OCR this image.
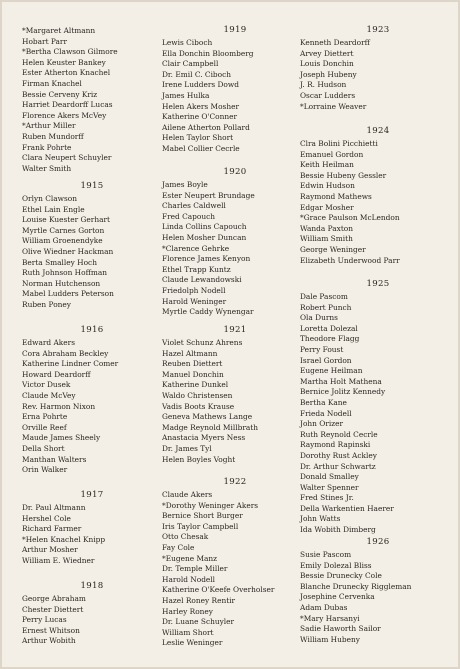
*Margaret Altmann
Hobart Parr
*Bertha Clawson Gilmore
Helen Keuster Bankey
Ester Atherton Knachel
Firman Knachel
Bessie Cerveny Kriz
Harriet Deardorff Lucas
Florence Akers McVey
*Arthur Miller
Ruben Mundorff
Frank Pohrte
Clara Neupert Schuyler
Walter Smith
1915
Orlyn Clawson
Ethel Lain Engle
Louise Kuester Gerhart
Myrtle Carnes Gorton
William Groenendyke
Olive Wiedner Hackman
Berta Smalley Hoch
Ruth Johnson Hoffman
Norman Hutchenson
Mabel Ludders Peterson
Ruben Poney
1916
Edward Akers
Cora Abraham Beckley
Katherine Lindner Comer
Howard Deardorff
Victor Dusek
Claude McVey
Rev. Harmon Nixon
Erna Pohrte
Orville Reef
Maude James Sheely
Della Short
Manthan Walters
Orin Walker
1917
Dr. Paul Altmann
Hershel Cole
Richard Farmer
*Helen Knachel Knipp
Arthur Mosher
William E. Wiedner
1918
George Abraham
Chester Diettert
Perry Lucas
Ernest Whitson
Arthur Wobith
1919
Lewis Ciboch
Ella Donchin Bloomberg
Clair Campbell
Dr. Emil C. Ciboch
Irene Ludders Dowd
James Hulka
Helen Akers Mosher
Katherine O'Conner
Ailene Atherton Pollard
Helen Taylor Short
Mabel Collier Cecrle
1920
James Boyle
Ester Neupert Brundage
Charles Caldwell
Fred Capouch
Linda Collins Capouch
Helen Mosher Duncan
*Clarence Gehrke
Florence James Kenyon
Ethel Trapp Kuntz
Claude Lewandowski
Friedolph Nodell
Harold Weninger
Myrtle Caddy Wynengar
1921
Violet Schunz Ahrens
Hazel Altmann
Reuben Diettert
Manuel Donchin
Katherine Dunkel
Waldo Christensen
Vadis Boots Krause
Geneva Mathews Lange
Madge Reynold Millbrath
Anastacia Myers Ness
Dr. James Tyl
Helen Boyles Voght
1922
Claude Akers
*Dorothy Weninger Akers
Bernice Short Burger
Iris Taylor Campbell
Otto Chesak
Fay Cole
*Eugene Manz
Dr. Temple Miller
Harold Nodell
Katherine O'Keefe Overholser
Hazel Roney Rentir
Harley Roney
Dr. Luane Schuyler
William Short
Leslie Weninger
1923
Kenneth Deardorff
Arvey Diettert
Louis Donchin
Joseph Hubeny
J. R. Hudson
Oscar Ludders
*Lorraine Weaver
1924
Clra Bolini Picchietti
Emanuel Gordon
Keith Heilman
Bessie Hubeny Gessler
Edwin Hudson
Raymond Mathews
Edgar Mosher
*Grace Paulson McLendon
Wanda Paxton
William Smith
George Weninger
Elizabeth Underwood Parr
1925
Dale Pascom
Robert Punch
Ola Durns
Loretta Dolezal
Theodore Flagg
Perry Foust
Israel Gordon
Eugene Heilman
Martha Holt Mathena
Bernice Jolitz Kennedy
Bertha Kane
Frieda Nodell
John Orizer
Ruth Reynold Cecrle
Raymond Rapinski
Dorothy Rust Ackley
Dr. Arthur Schwartz
Donald Smalley
Walter Spenner
Fred Stines Jr.
Della Warkentien Haerer
John Watts
Ida Wobith Dimberg
1926
Susie Pascom
Emily Dolezal Bliss
Bessie Drunecky Cole
Blanche Drunecky Riggleman
Josephine Cervenka
Adam Dubas
*Mary Harsanyi
Sadie Haworth Sailor
William Hubeny
